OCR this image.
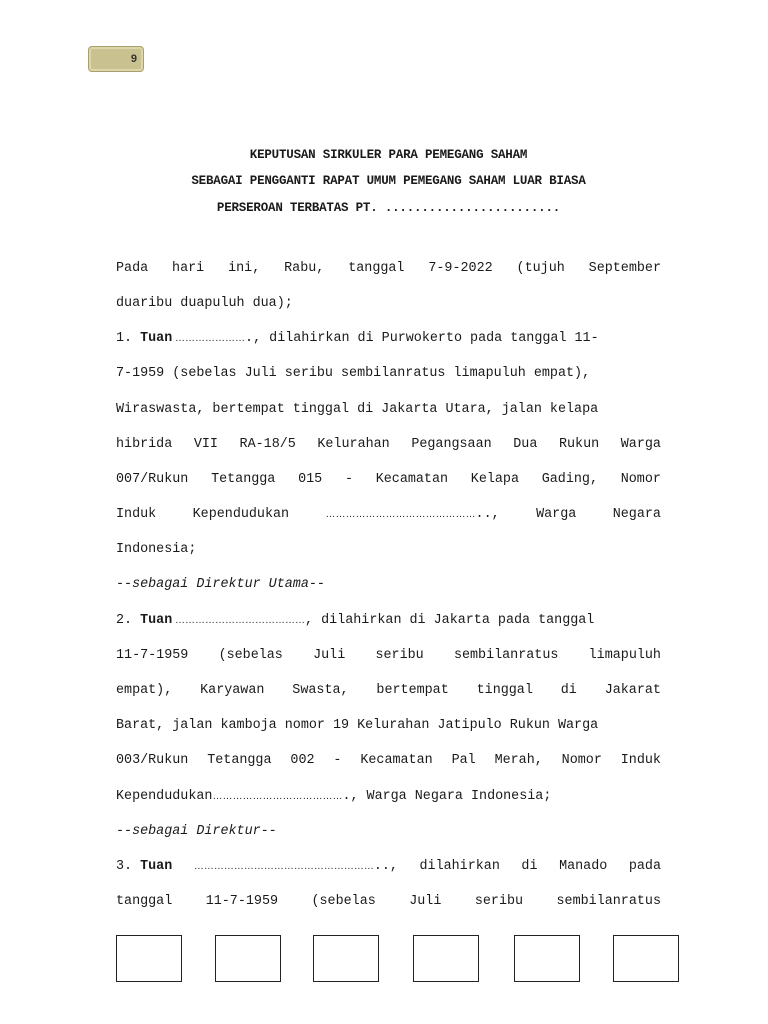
9
KEPUTUSAN SIRKULER PARA PEMEGANG SAHAM
SEBAGAI PENGGANTI RAPAT UMUM PEMEGANG SAHAM LUAR BIASA
PERSEROAN TERBATAS PT. ........................
Pada hari ini, Rabu, tanggal 7-9-2022 (tujuh September
duaribu duapuluh dua);
1. Tuan …………………., dilahirkan di Purwokerto pada tanggal 11-
7-1959 (sebelas Juli seribu sembilanratus limapuluh empat),
Wiraswasta, bertempat tinggal di Jakarta Utara, jalan kelapa
hibrida VII RA-18/5 Kelurahan Pegangsaan Dua Rukun Warga
007/Rukun Tetangga 015 - Kecamatan Kelapa Gading, Nomor
Induk	Kependudukan	………………………………………..,	Warga	Negara
Indonesia;
--sebagai Direktur Utama--
2. Tuan …………………………………, dilahirkan di Jakarta pada tanggal
11-7-1959 (sebelas Juli seribu sembilanratus limapuluh
empat), Karyawan Swasta, bertempat tinggal di Jakarat
Barat, jalan kamboja nomor 19 Kelurahan Jatipulo Rukun Warga
003/Rukun Tetangga 002 - Kecamatan Pal Merah, Nomor Induk
Kependudukan…………………………………., Warga Negara Indonesia;
--sebagai Direktur--
3. Tuan ……………………………………………….., dilahirkan di Manado pada
tanggal 11-7-1959 (sebelas Juli seribu sembilanratus
